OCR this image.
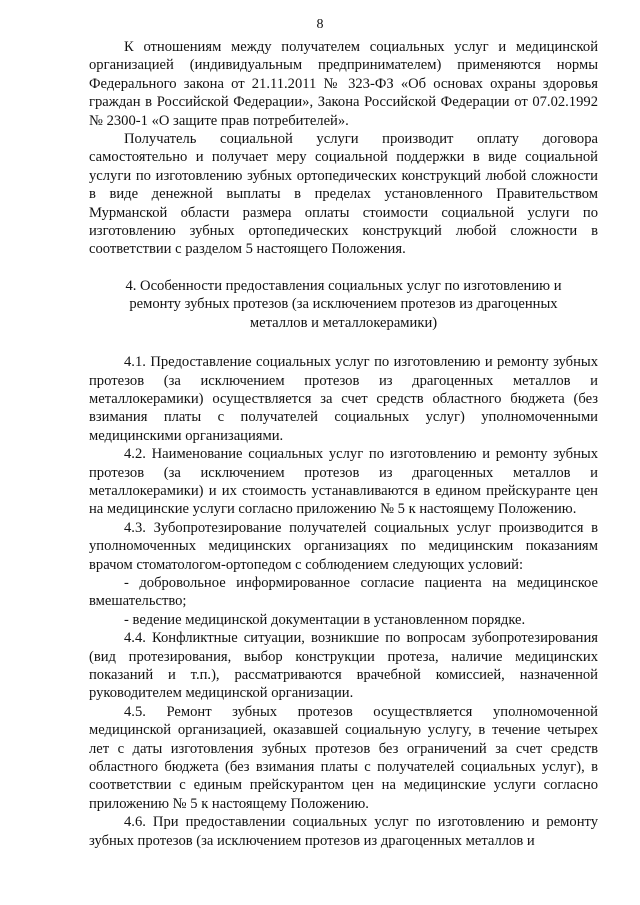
8

К отношениям между получателем социальных услуг и медицинской организацией (индивидуальным предпринимателем) применяются нормы Федерального закона от 21.11.2011 № 323-ФЗ «Об основах охраны здоровья граждан в Российской Федерации», Закона Российской Федерации от 07.02.1992 № 2300-1 «О защите прав потребителей».

Получатель социальной услуги производит оплату договора самостоятельно и получает меру социальной поддержки в виде социальной услуги по изготовлению зубных ортопедических конструкций любой сложности в виде денежной выплаты в пределах установленного Правительством Мурманской области размера оплаты стоимости социальной услуги по изготовлению зубных ортопедических конструкций любой сложности в соответствии с разделом 5 настоящего Положения.

4. Особенности предоставления социальных услуг по изготовлению и ремонту зубных протезов (за исключением протезов из драгоценных металлов и металлокерамики)

4.1. Предоставление социальных услуг по изготовлению и ремонту зубных протезов (за исключением протезов из драгоценных металлов и металлокерамики) осуществляется за счет средств областного бюджета (без взимания платы с получателей социальных услуг) уполномоченными медицинскими организациями.

4.2. Наименование социальных услуг по изготовлению и ремонту зубных протезов (за исключением протезов из драгоценных металлов и металлокерамики) и их стоимость устанавливаются в едином прейскуранте цен на медицинские услуги согласно приложению № 5 к настоящему Положению.

4.3. Зубопротезирование получателей социальных услуг производится в уполномоченных медицинских организациях по медицинским показаниям врачом стоматологом-ортопедом с соблюдением следующих условий:

- добровольное информированное согласие пациента на медицинское вмешательство;

- ведение медицинской документации в установленном порядке.

4.4. Конфликтные ситуации, возникшие по вопросам зубопротезирования (вид протезирования, выбор конструкции протеза, наличие медицинских показаний и т.п.), рассматриваются врачебной комиссией, назначенной руководителем медицинской организации.

4.5. Ремонт зубных протезов осуществляется уполномоченной медицинской организацией, оказавшей социальную услугу, в течение четырех лет с даты изготовления зубных протезов без ограничений за счет средств областного бюджета (без взимания платы с получателей социальных услуг), в соответствии с единым прейскурантом цен на медицинские услуги согласно приложению № 5 к настоящему Положению.

4.6. При предоставлении социальных услуг по изготовлению и ремонту зубных протезов (за исключением протезов из драгоценных металлов и
